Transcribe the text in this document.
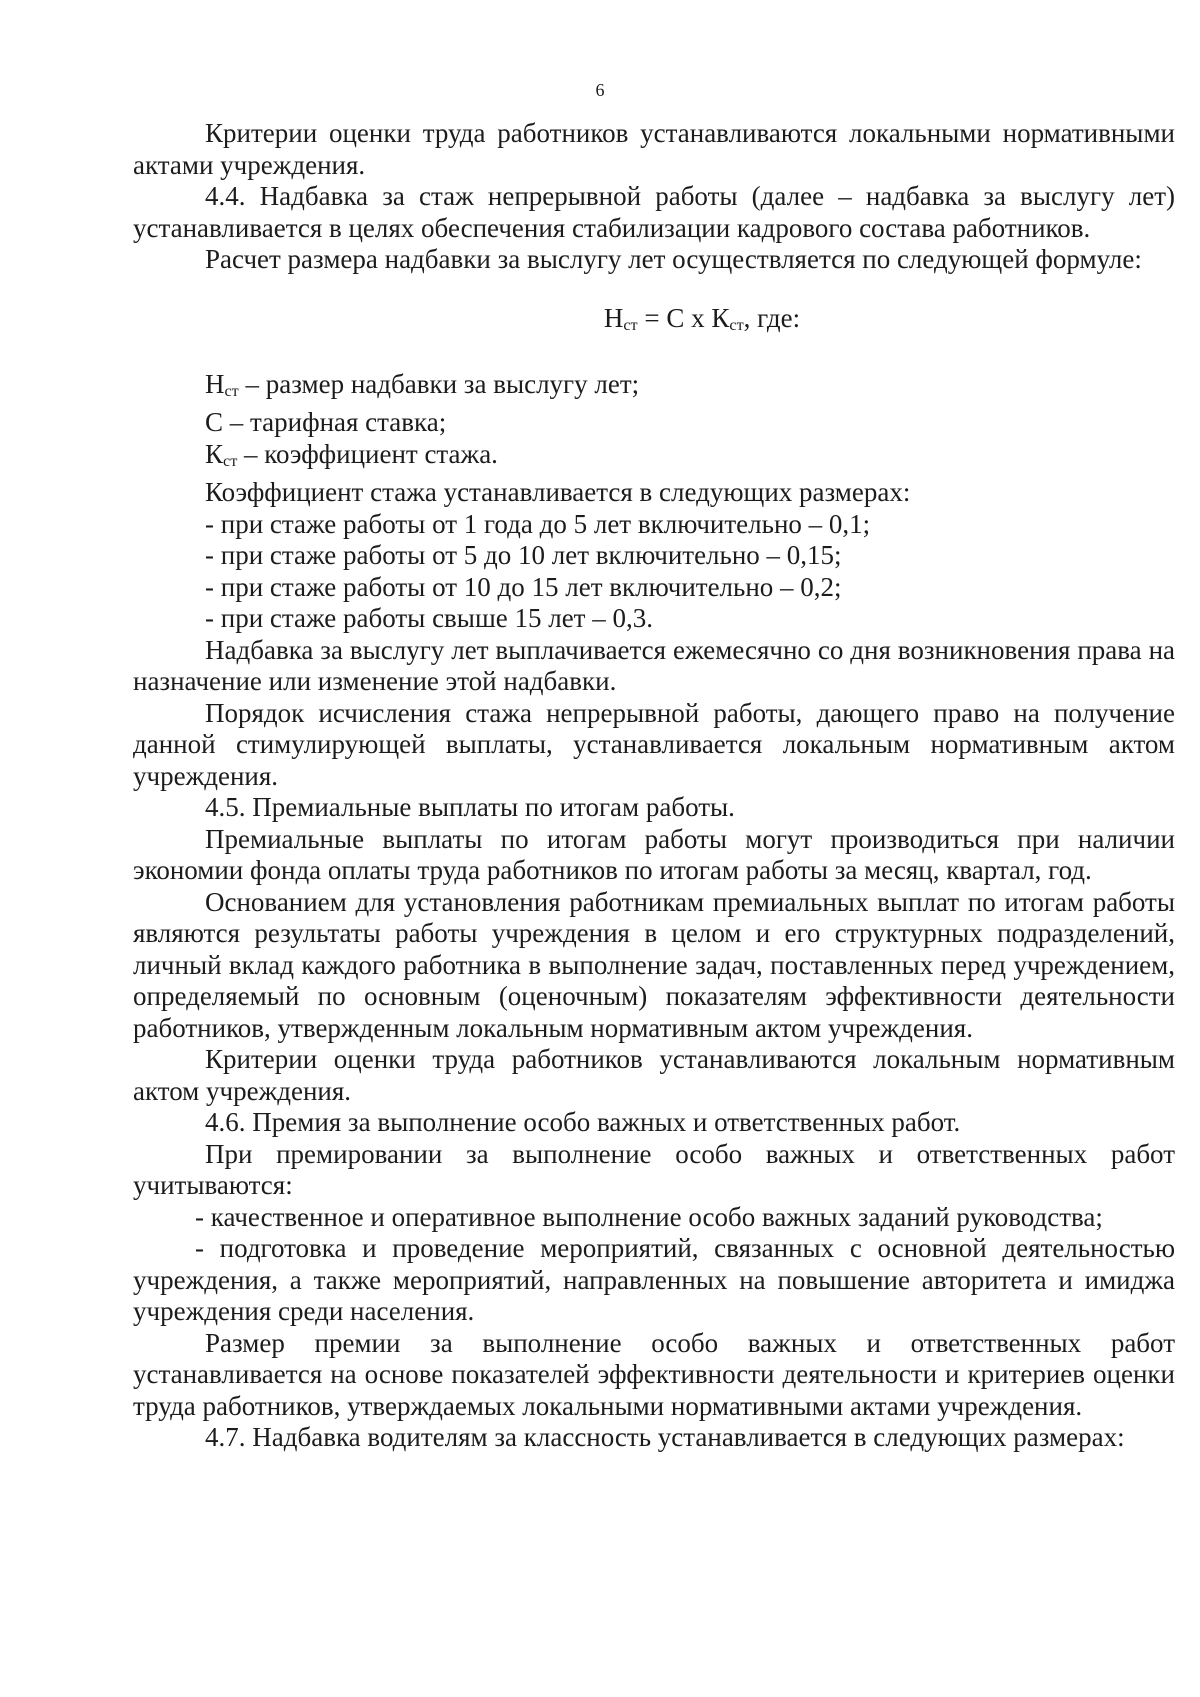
6

Критерии оценки труда работников устанавливаются локальными нормативными актами учреждения.

4.4. Надбавка за стаж непрерывной работы (далее – надбавка за выслугу лет) устанавливается в целях обеспечения стабилизации кадрового состава работников.

Расчет размера надбавки за выслугу лет осуществляется по следующей формуле:

Нст = С х Кст, где:

Нст – размер надбавки за выслугу лет;

С – тарифная ставка;

Кст – коэффициент стажа.

Коэффициент стажа устанавливается в следующих размерах:

- при стаже работы от 1 года до 5 лет включительно – 0,1;

- при стаже работы от 5 до 10 лет включительно – 0,15;

- при стаже работы от 10 до 15 лет включительно – 0,2;

- при стаже работы свыше 15 лет – 0,3.

Надбавка за выслугу лет выплачивается ежемесячно со дня возникновения права на назначение или изменение этой надбавки.

Порядок исчисления стажа непрерывной работы, дающего право на получение данной стимулирующей выплаты, устанавливается локальным нормативным актом учреждения.

4.5. Премиальные выплаты по итогам работы.

Премиальные выплаты по итогам работы могут производиться при наличии экономии фонда оплаты труда работников по итогам работы за месяц, квартал, год.

Основанием для установления работникам премиальных выплат по итогам работы являются результаты работы учреждения в целом и его структурных подразделений, личный вклад каждого работника в выполнение задач, поставленных перед учреждением, определяемый по основным (оценочным) показателям эффективности деятельности работников, утвержденным локальным нормативным актом учреждения.

Критерии оценки труда работников устанавливаются локальным нормативным актом учреждения.

4.6. Премия за выполнение особо важных и ответственных работ.

При премировании за выполнение особо важных и ответственных работ учитываются:

- качественное и оперативное выполнение особо важных заданий руководства;

- подготовка и проведение мероприятий, связанных с основной деятельностью учреждения, а также мероприятий, направленных на повышение авторитета и имиджа учреждения среди населения.

Размер премии за выполнение особо важных и ответственных работ устанавливается на основе показателей эффективности деятельности и критериев оценки труда работников, утверждаемых локальными нормативными актами учреждения.

4.7. Надбавка водителям за классность устанавливается в следующих размерах:
